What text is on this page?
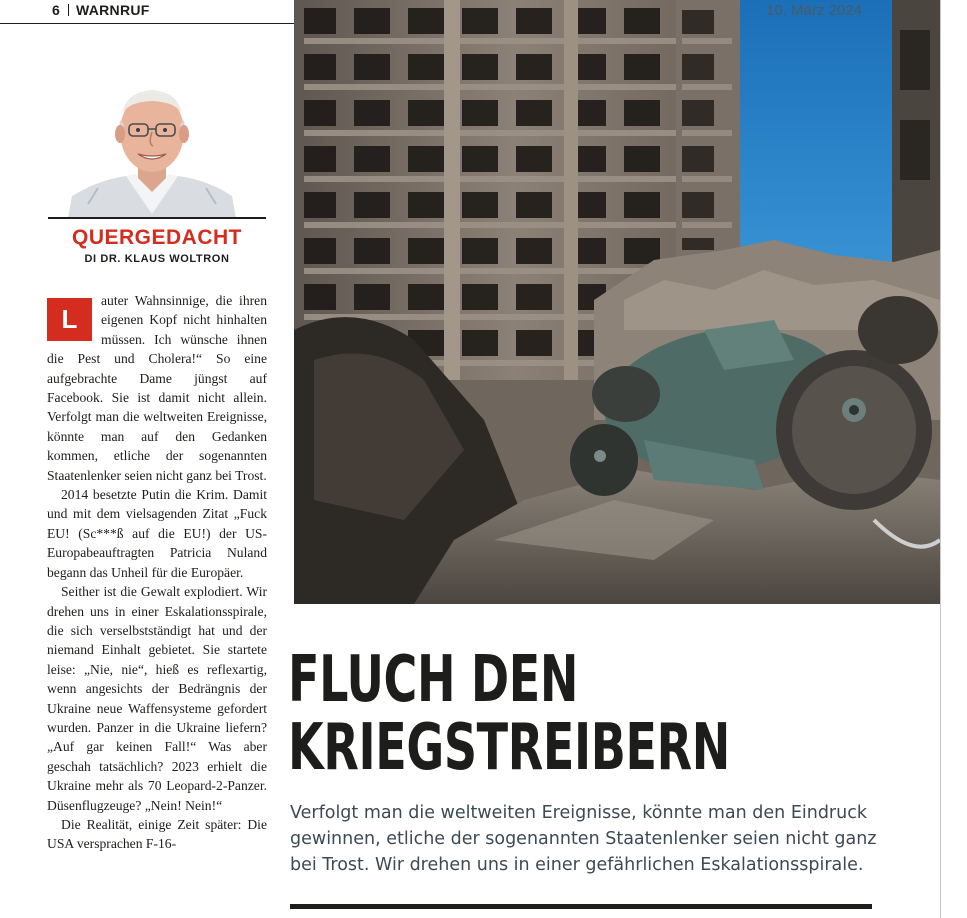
6 WARNRUF
QUERGEDACHT
DI DR. KLAUS WOLTRON

L
auter Wahnsinnige, die ihren eigenen Kopf nicht hinhalten müssen. Ich wünsche ihnen die Pest und Cholera!“ So eine aufgebrachte Dame jüngst auf Facebook. Sie ist damit nicht allein. Verfolgt man die weltweiten Ereignisse, könnte man auf den Gedanken kommen, etliche der sogenannten Staatenlenker seien nicht ganz bei Trost.

2014 besetzte Putin die Krim. Damit und mit dem vielsagenden Zitat „Fuck EU! (Sc***ß auf die EU!) der US-Europabeauftragten Patricia Nuland begann das Unheil für die Europäer.

Seither ist die Gewalt explodiert. Wir drehen uns in einer Eskalationsspirale, die sich verselbstständigt hat und der niemand Einhalt gebietet. Sie startete leise: „Nie, nie“, hieß es reflexartig, wenn angesichts der Bedrängnis der Ukraine neue Waffensysteme gefordert wurden. Panzer in die Ukraine liefern? „Auf gar keinen Fall!“ Was aber geschah tatsächlich? 2023 erhielt die Ukraine mehr als 70 Leopard-2-Panzer. Düsenflugzeuge? „Nein! Nein!“

Die Realität, einige Zeit später: Die USA versprachen F-16-

10. März 2024
FLUCH DEN
KRIEGSTREIBERN
Verfolgt man die weltweiten Ereignisse, könnte man den Eindruck gewinnen, etliche der sogenannten Staatenlenker seien nicht ganz bei Trost. Wir drehen uns in einer gefährlichen Eskalationsspirale.
